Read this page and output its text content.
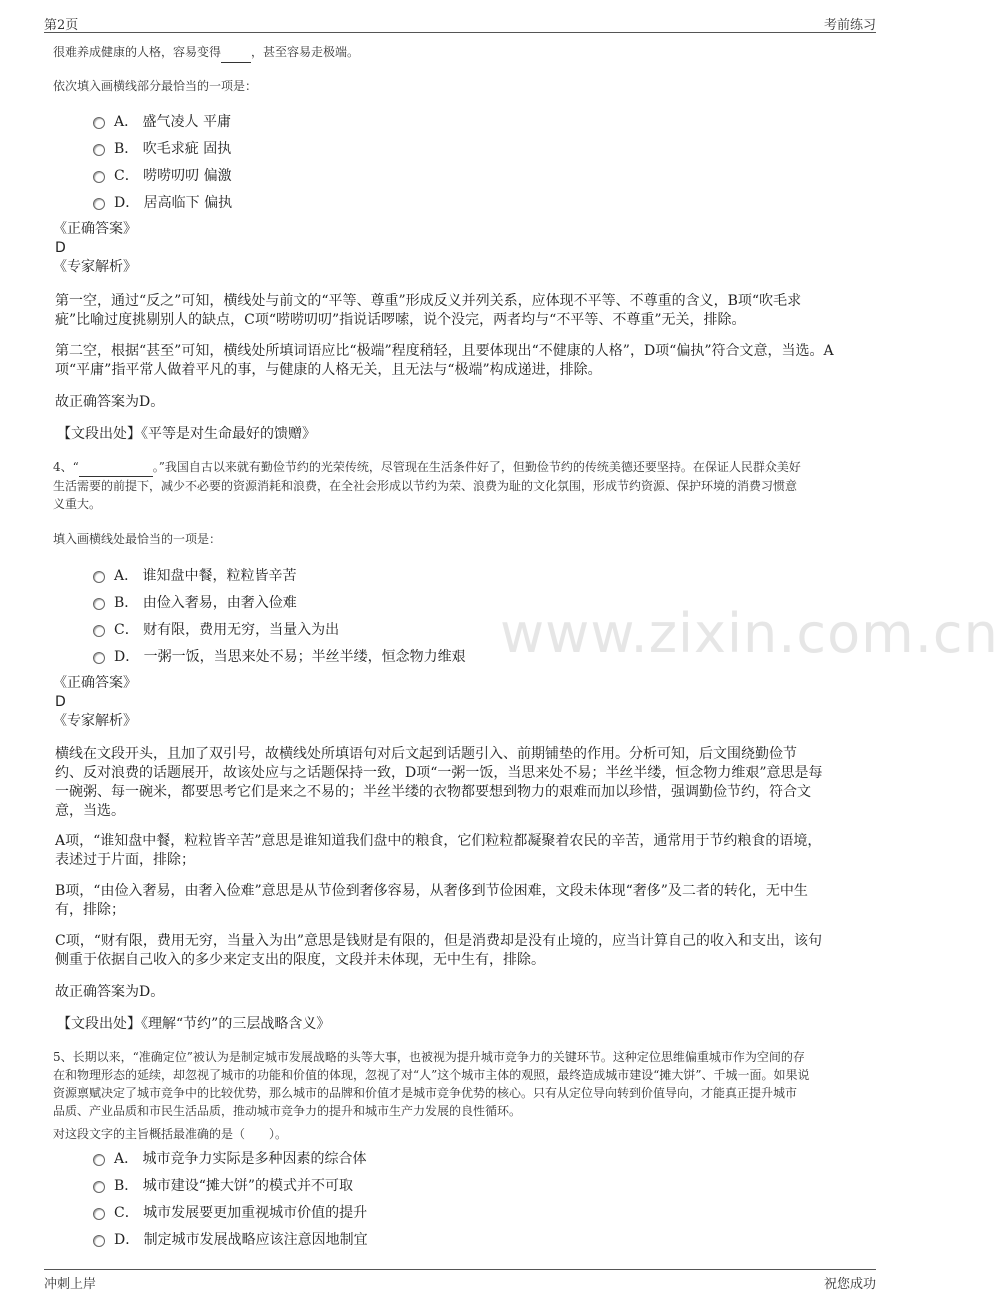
第2页	考前练习
www.zixin.com.cn
很难养成健康的人格，容易变得	，甚至容易走极端。
依次填入画横线部分最恰当的一项是：
A． 盛气凌人 平庸
B． 吹毛求疵 固执
C． 唠唠叨叨 偏激
D． 居高临下 偏执
《正确答案》
D
《专家解析》
第一空，通过“反之”可知，横线处与前文的“平等、尊重”形成反义并列关系，应体现不平等、不尊重的含义，B项“吹毛求
疵”比喻过度挑剔别人的缺点，C项“唠唠叨叨”指说话啰嗦，说个没完，两者均与“不平等、不尊重”无关，排除。
第二空，根据“甚至”可知，横线处所填词语应比“极端”程度稍轻，且要体现出“不健康的人格”，D项“偏执”符合文意，当选。A
项“平庸”指平常人做着平凡的事，与健康的人格无关，且无法与“极端”构成递进，排除。
故正确答案为D。
【文段出处】《平等是对生命最好的馈赠》
4、“	。”我国自古以来就有勤俭节约的光荣传统，尽管现在生活条件好了，但勤俭节约的传统美德还要坚持。在保证人民群众美好
生活需要的前提下，减少不必要的资源消耗和浪费，在全社会形成以节约为荣、浪费为耻的文化氛围，形成节约资源、保护环境的消费习惯意
义重大。
填入画横线处最恰当的一项是：
A． 谁知盘中餐，粒粒皆辛苦
B． 由俭入奢易，由奢入俭难
C． 财有限，费用无穷，当量入为出
D． 一粥一饭，当思来处不易；半丝半缕，恒念物力维艰
《正确答案》
D
《专家解析》
横线在文段开头，且加了双引号，故横线处所填语句对后文起到话题引入、前期铺垫的作用。分析可知，后文围绕勤俭节
约、反对浪费的话题展开，故该处应与之话题保持一致，D项“一粥一饭，当思来处不易；半丝半缕，恒念物力维艰”意思是每
一碗粥、每一碗米，都要思考它们是来之不易的；半丝半缕的衣物都要想到物力的艰难而加以珍惜，强调勤俭节约，符合文
意，当选。
A项，“谁知盘中餐，粒粒皆辛苦”意思是谁知道我们盘中的粮食，它们粒粒都凝聚着农民的辛苦，通常用于节约粮食的语境，
表述过于片面，排除；
B项，“由俭入奢易，由奢入俭难”意思是从节俭到奢侈容易，从奢侈到节俭困难，文段未体现“奢侈”及二者的转化，无中生
有，排除；
C项，“财有限，费用无穷，当量入为出”意思是钱财是有限的，但是消费却是没有止境的，应当计算自己的收入和支出，该句
侧重于依据自己收入的多少来定支出的限度，文段并未体现，无中生有，排除。
故正确答案为D。
【文段出处】《理解“节约”的三层战略含义》
5、长期以来，“准确定位”被认为是制定城市发展战略的头等大事，也被视为提升城市竞争力的关键环节。这种定位思维偏重城市作为空间的存
在和物理形态的延续，却忽视了城市的功能和价值的体现，忽视了对“人”这个城市主体的观照，最终造成城市建设“摊大饼”、千城一面。如果说
资源禀赋决定了城市竞争中的比较优势，那么城市的品牌和价值才是城市竞争优势的核心。只有从定位导向转到价值导向，才能真正提升城市
品质、产业品质和市民生活品质，推动城市竞争力的提升和城市生产力发展的良性循环。
对这段文字的主旨概括最准确的是（　　）。
A． 城市竞争力实际是多种因素的综合体
B． 城市建设“摊大饼”的模式并不可取
C． 城市发展要更加重视城市价值的提升
D． 制定城市发展战略应该注意因地制宜
冲刺上岸	祝您成功
